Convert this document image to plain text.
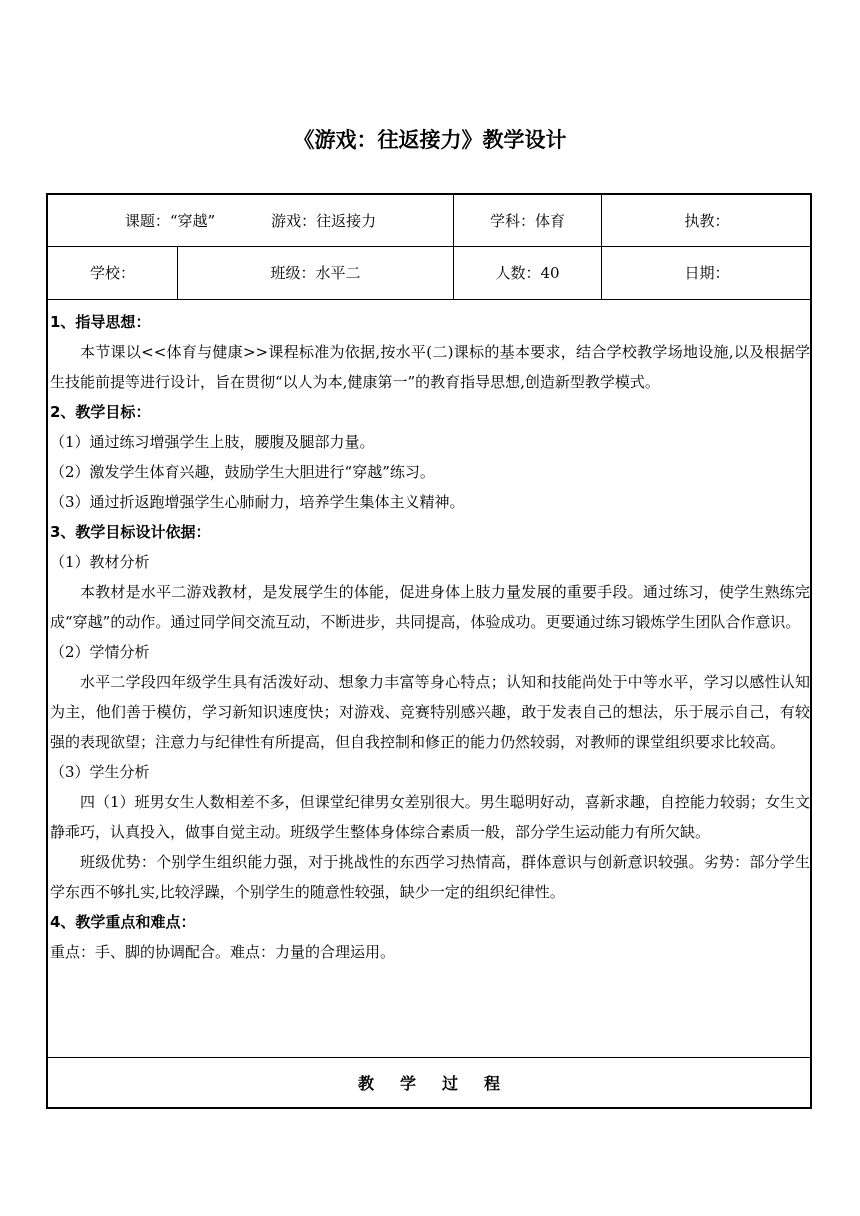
《游戏：往返接力》教学设计
课题：“穿越”	游戏：往返接力	学科：体育	执教：
学校：	班级：水平二	人数：40	日期：

1、指导思想：

本节课以<<体育与健康>>课程标准为依据,按水平(二)课标的基本要求，结合学校教学场地设施,以及根据学生技能前提等进行设计，旨在贯彻“以人为本,健康第一”的教育指导思想,创造新型教学模式。

2、教学目标：

（1）通过练习增强学生上肢，腰腹及腿部力量。

（2）激发学生体育兴趣，鼓励学生大胆进行“穿越”练习。

（3）通过折返跑增强学生心肺耐力，培养学生集体主义精神。

3、教学目标设计依据：

（1）教材分析

本教材是水平二游戏教材，是发展学生的体能，促进身体上肢力量发展的重要手段。通过练习，使学生熟练完成“穿越”的动作。通过同学间交流互动，不断进步，共同提高，体验成功。更要通过练习锻炼学生团队合作意识。

（2）学情分析

水平二学段四年级学生具有活泼好动、想象力丰富等身心特点；认知和技能尚处于中等水平，学习以感性认知为主，他们善于模仿，学习新知识速度快；对游戏、竞赛特别感兴趣，敢于发表自己的想法，乐于展示自己，有较强的表现欲望；注意力与纪律性有所提高，但自我控制和修正的能力仍然较弱，对教师的课堂组织要求比较高。

（3）学生分析

四（1）班男女生人数相差不多，但课堂纪律男女差别很大。男生聪明好动，喜新求趣，自控能力较弱；女生文静乖巧，认真投入，做事自觉主动。班级学生整体身体综合素质一般，部分学生运动能力有所欠缺。

班级优势：个别学生组织能力强，对于挑战性的东西学习热情高，群体意识与创新意识较强。劣势：部分学生学东西不够扎实,比较浮躁，个别学生的随意性较强，缺少一定的组织纪律性。

4、教学重点和难点：

重点：手、脚的协调配合。难点：力量的合理运用。

教学过程
